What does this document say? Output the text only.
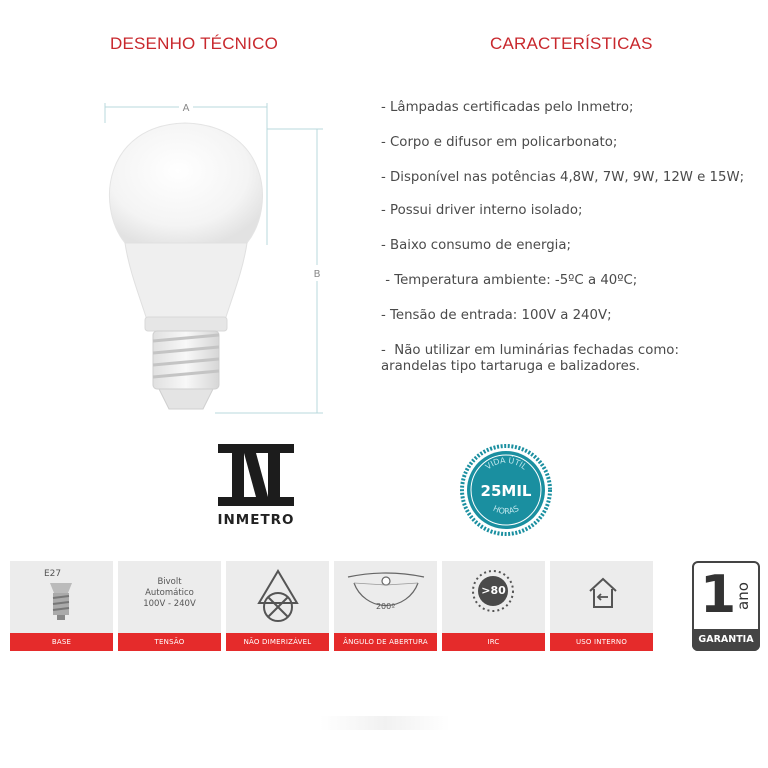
DESENHO TÉCNICO	CARACTERÍSTICAS
A
B
- Lâmpadas certificadas pelo Inmetro;
- Corpo e difusor em policarbonato;
- Disponível nas potências 4,8W, 7W, 9W, 12W e 15W;
- Possui driver interno isolado;
- Baixo consumo de energia;
- Temperatura ambiente: -5ºC a 40ºC;
- Tensão de entrada: 100V a 240V;
-  Não utilizar em luminárias fechadas como: arandelas tipo tartaruga e balizadores.
INMETRO
VIDA ÚTIL
25MIL
HORAS
E27
BASE
Bivolt
Automático
100V - 240V
TENSÃO	NÃO DIMERIZÁVEL
200º
ÂNGULO DE ABERTURA
>80
IRC	USO INTERNO
1
ano
GARANTIA
